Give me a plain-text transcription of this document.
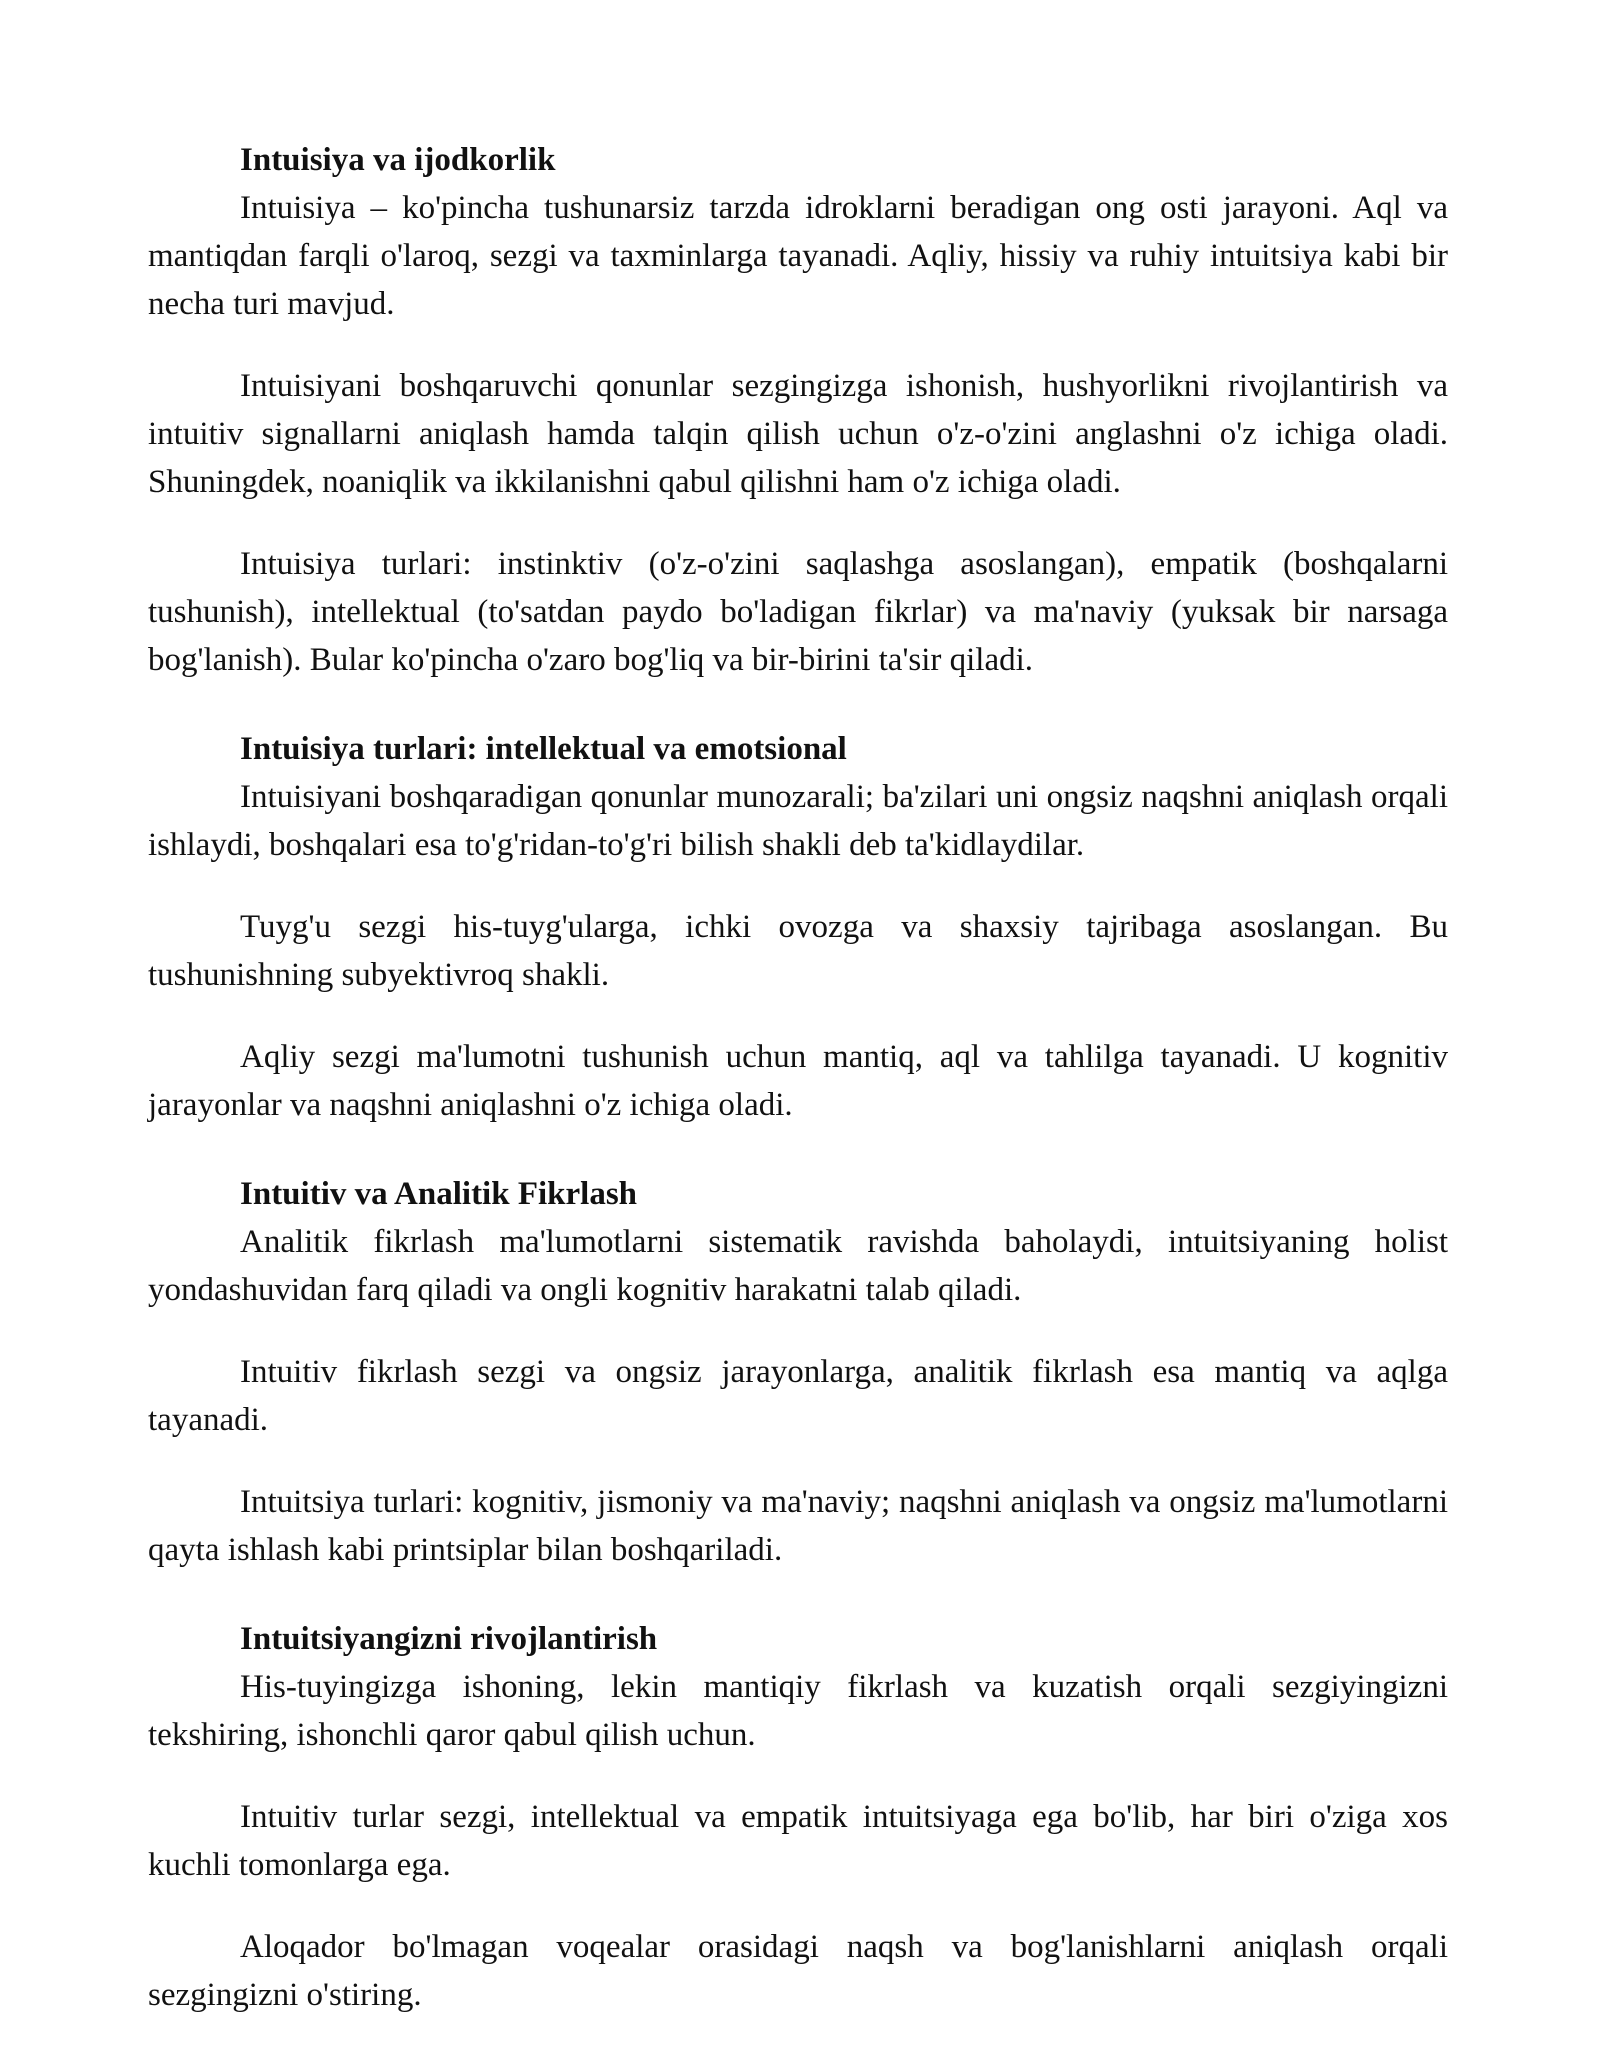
Intuisiya va ijodkorlik

Intuisiya – ko'pincha tushunarsiz tarzda idroklarni beradigan ong osti jarayoni. Aql va mantiqdan farqli o'laroq, sezgi va taxminlarga tayanadi. Aqliy, hissiy va ruhiy intuitsiya kabi bir necha turi mavjud.

Intuisiyani boshqaruvchi qonunlar sezgingizga ishonish, hushyorlikni rivojlantirish va intuitiv signallarni aniqlash hamda talqin qilish uchun o'z-o'zini anglashni o'z ichiga oladi. Shuningdek, noaniqlik va ikkilanishni qabul qilishni ham o'z ichiga oladi.

Intuisiya turlari: instinktiv (o'z-o'zini saqlashga asoslangan), empatik (boshqalarni tushunish), intellektual (to'satdan paydo bo'ladigan fikrlar) va ma'naviy (yuksak bir narsaga bog'lanish). Bular ko'pincha o'zaro bog'liq va bir-birini ta'sir qiladi.

Intuisiya turlari: intellektual va emotsional

Intuisiyani boshqaradigan qonunlar munozarali; ba'zilari uni ongsiz naqshni aniqlash orqali ishlaydi, boshqalari esa to'g'ridan-to'g'ri bilish shakli deb ta'kidlaydilar.

Tuyg'u sezgi his-tuyg'ularga, ichki ovozga va shaxsiy tajribaga asoslangan. Bu tushunishning subyektivroq shakli.

Aqliy sezgi ma'lumotni tushunish uchun mantiq, aql va tahlilga tayanadi. U kognitiv jarayonlar va naqshni aniqlashni o'z ichiga oladi.

Intuitiv va Analitik Fikrlash

Analitik fikrlash ma'lumotlarni sistematik ravishda baholaydi, intuitsiyaning holist yondashuvidan farq qiladi va ongli kognitiv harakatni talab qiladi.

Intuitiv fikrlash sezgi va ongsiz jarayonlarga, analitik fikrlash esa mantiq va aqlga tayanadi.

Intuitsiya turlari: kognitiv, jismoniy va ma'naviy; naqshni aniqlash va ongsiz ma'lumotlarni qayta ishlash kabi printsiplar bilan boshqariladi.

Intuitsiyangizni rivojlantirish

His-tuyingizga ishoning, lekin mantiqiy fikrlash va kuzatish orqali sezgiyingizni tekshiring, ishonchli qaror qabul qilish uchun.

Intuitiv turlar sezgi, intellektual va empatik intuitsiyaga ega bo'lib, har biri o'ziga xos kuchli tomonlarga ega.

Aloqador bo'lmagan voqealar orasidagi naqsh va bog'lanishlarni aniqlash orqali sezgingizni o'stiring.
